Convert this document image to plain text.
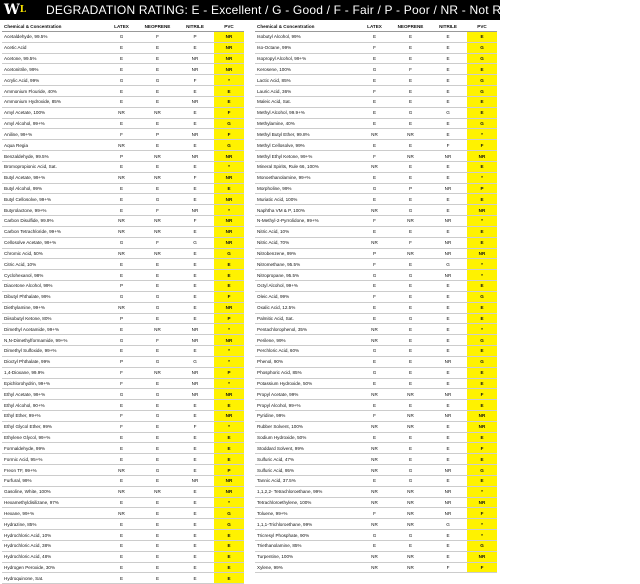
$W^L$	DEGRADATION RATING: E - Excellent / G - Good / F - Fair / P - Poor / NR - Not Recommended / * No Data
Chemical & Concentration	LATEX	NEOPRENE	NITRILE	PVC
Acetaldehyde, 99.5%	G	F	P	NR
Acetic Acid	E	E	E	NR
Acetone, 99.5%	E	E	NR	NR
Acetonitrile, 99%	E	E	NR	NR
Acrylic Acid, 99%	G	G	F	*
Ammonium Flouride, 40%	E	E	E	E
Ammonium Hydroxide, 85%	E	E	NR	E
Amyl Acetate, 100%	NR	NR	E	F
Amyl Alcohol, 99+%	E	E	E	G
Aniline, 99+%	F	P	NR	F
Aqua Regia	NR	E	E	G
Benzaldehyde, 99.5%	P	NR	NR	NR
Bromopropionic Acid, Sat.	E	E	E	*
Butyl Acetate, 99+%	NR	NR	F	NR
Butyl Alcohol, 99%	E	E	E	E
Butyl Cellosolve, 99+%	E	G	E	NR
Butyrolactone, 99+%	E	F	NR	*
Carbon Disulfide, 99.9%	NR	NR	F	NR
Carbon Tetrachloride, 99+%	NR	NR	E	NR
Cellosolve Acetate, 99+%	G	F	G	NR
Chromic Acid, 50%	NR	NR	E	G
Citric Acid, 10%	E	E	E	E
Cyclohexanol, 98%	E	E	E	E
Diacetone Alcohol, 99%	P	E	E	E
Dibutyl Phthalate, 99%	G	G	E	F
Diethylamine, 99+%	NR	G	E	NR
Diisobutyl Ketone, 80%	P	E	E	P
Dimethyl Acetamide, 99+%	E	NR	NR	*
N,N-Dimethylformamide, 99+%	G	F	NR	NR
Dimethyl Sulfoxide, 99+%	E	E	E	*
Dioctyl Phthalate, 99%	P	G	G	*
1,4-Dioxane, 99.9%	F	NR	NR	P
Epichlorohydrin, 99+%	F	E	NR	*
Ethyl Acetate, 99+%	G	G	NR	NR
Ethyl Alcohol, 90+%	E	E	E	E
Ethyl Ether, 99+%	F	G	E	NR
Ethyl Glycol Ether, 99%	F	E	F	*
Ethylene Glycol, 99+%	E	E	E	E
Formaldehyde, 99%	E	E	E	E
Formic Acid, 95+%	E	E	E	E
Freon TF, 99+%	NR	G	E	P
Furfural, 99%	E	E	NR	NR
Gasoline, White, 100%	NR	NR	E	NR
Hexamethyldisilizane, 97%	E	E	E	*
Hexane, 99+%	NR	E	E	G
Hydrazine, 85%	E	E	E	G
Hydrochloric Acid, 10%	E	E	E	E
Hydrochloric Acid, 38%	E	E	E	E
Hydrochloric Acid, 48%	E	E	E	E
Hydrogen Peroxide, 30%	E	E	E	E
Hydroquinone, Sat.	E	E	E	E
Chemical & Concentration	LATEX	NEOPRENE	NITRILE	PVC
Isobutyl Alcohol, 99%	E	E	E	E
Iso-Octane, 99%	F	E	E	G
Isopropyl Alcohol, 99+%	E	E	E	G
Kerosene, 100%	G	F	E	E
Lactic Acid, 85%	E	E	E	G
Lauric Acid, 36%	F	E	E	G
Maleic Acid, Sat.	E	E	E	E
Methyl Alcohol, 99.9+%	E	G	G	E
Methylamine, 40%	E	E	E	G
Methyl Butyl Ether, 99.8%	NR	NR	E	*
Methyl Cellosolve, 99%	E	E	F	F
Methyl Ethyl Ketone, 99+%	F	NR	NR	NR
Mineral Spirits, Rule 66, 100%	NR	E	E	E
Monoethanolamine, 99+%	E	E	E	*
Morpholine, 99%	G	P	NR	P
Muriatic Acid, 100%	E	E	E	E
Naphtha VM & P, 100%	NR	G	E	NR
N-Methyl-2-Pyrrolidone, 99+%	F	NR	NR	*
Nitric Acid, 10%	E	E	E	E
Nitric Acid, 70%	NR	F	NR	E
Nitrobenzene, 99%	P	NR	NR	NR
Nitromethane, 95.5%	F	E	G	*
Nitropropane, 95.5%	G	G	NR	*
Octyl Alcohol, 99+%	E	E	E	E
Oleic Acid, 99%	F	E	E	G
Oxalic Acid, 12.5%	E	E	E	E
Palmitic Acid, Sat.	E	G	E	E
Pentachlorophenol, 35%	NR	E	E	*
Perilene, 99%	NR	E	E	G
Perchloric Acid, 60%	G	E	E	E
Phenol, 90%	E	E	NR	G
Phosphoric Acid, 85%	G	E	E	E
Potassium Hydroxide, 50%	E	E	E	E
Propyl Acetate, 99%	NR	NR	NR	F
Propyl Alcohol, 99+%	E	E	E	E
Pyridine, 99%	F	NR	NR	NR
Rubber Solvent, 100%	NR	NR	E	NR
Sodium Hydroxide, 50%	E	E	E	E
Stoddard Solvent, 99%	NR	E	E	F
Sulfuric Acid, 47%	NR	E	E	E
Sulfuric Acid, 95%	NR	G	NR	G
Tannic Acid, 37.5%	E	G	E	E
1,1,2,2- Tetrachloroethane, 99%	NR	NR	NR	*
Tetrachloroethylene, 100%	NR	NR	NR	NR
Toluene, 99+%	F	NR	NR	F
1,1,1-Trichloroethane, 99%	NR	NR	G	*
Tricresyl Phosphate, 90%	G	G	E	*
Triethanolamine, 85%	E	E	E	G
Turpentine, 100%	NR	NR	E	NR
Xylene, 99%	NR	NR	F	F
